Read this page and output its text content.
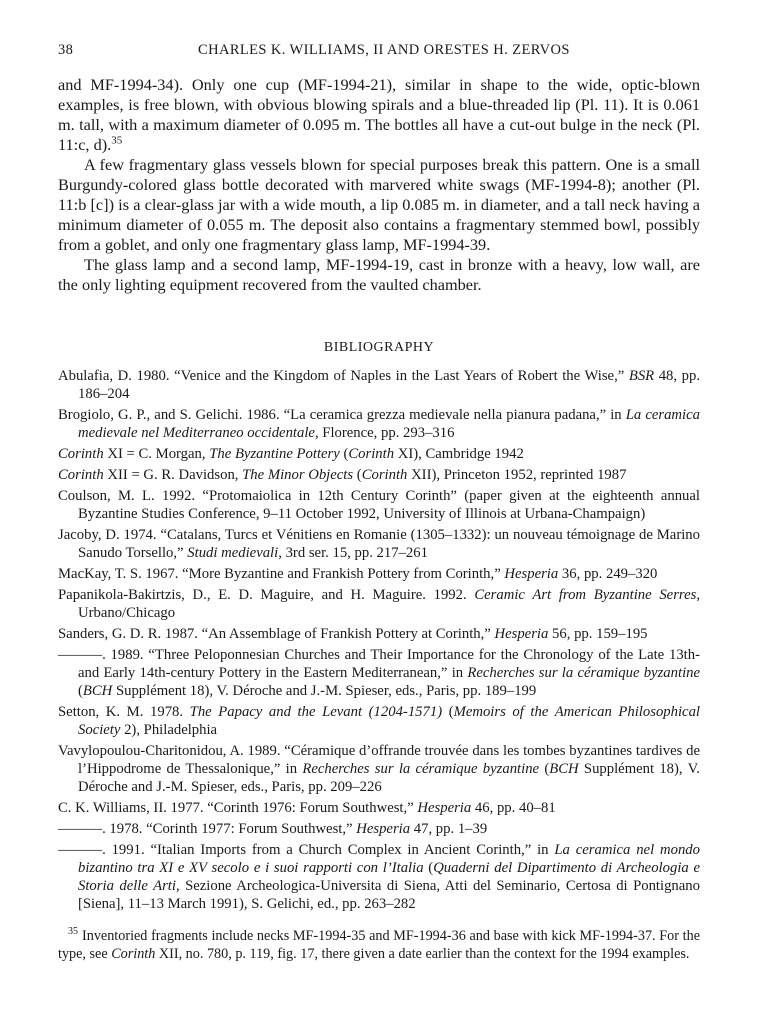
38	CHARLES K. WILLIAMS, II AND ORESTES H. ZERVOS

and MF-1994-34). Only one cup (MF-1994-21), similar in shape to the wide, optic-blown examples, is free blown, with obvious blowing spirals and a blue-threaded lip (Pl. 11). It is 0.061 m. tall, with a maximum diameter of 0.095 m. The bottles all have a cut-out bulge in the neck (Pl. 11:c, d).$^{35}$

A few fragmentary glass vessels blown for special purposes break this pattern. One is a small Burgundy-colored glass bottle decorated with marvered white swags (MF-1994-8); another (Pl. 11:b [c]) is a clear-glass jar with a wide mouth, a lip 0.085 m. in diameter, and a tall neck having a minimum diameter of 0.055 m. The deposit also contains a fragmentary stemmed bowl, possibly from a goblet, and only one fragmentary glass lamp, MF-1994-39.

The glass lamp and a second lamp, MF-1994-19, cast in bronze with a heavy, low wall, are the only lighting equipment recovered from the vaulted chamber.

BIBLIOGRAPHY
Abulafia, D. 1980. “Venice and the Kingdom of Naples in the Last Years of Robert the Wise,” BSR 48, pp. 186–204
Brogiolo, G. P., and S. Gelichi. 1986. “La ceramica grezza medievale nella pianura padana,” in La ceramica medievale nel Mediterraneo occidentale, Florence, pp. 293–316
Corinth XI = C. Morgan, The Byzantine Pottery (Corinth XI), Cambridge 1942
Corinth XII = G. R. Davidson, The Minor Objects (Corinth XII), Princeton 1952, reprinted 1987
Coulson, M. L. 1992. “Protomaiolica in 12th Century Corinth” (paper given at the eighteenth annual Byzantine Studies Conference, 9–11 October 1992, University of Illinois at Urbana-Champaign)
Jacoby, D. 1974. “Catalans, Turcs et Vénitiens en Romanie (1305–1332): un nouveau témoignage de Marino Sanudo Torsello,” Studi medievali, 3rd ser. 15, pp. 217–261
MacKay, T. S. 1967. “More Byzantine and Frankish Pottery from Corinth,” Hesperia 36, pp. 249–320
Papanikola-Bakirtzis, D., E. D. Maguire, and H. Maguire. 1992. Ceramic Art from Byzantine Serres, Urbano/Chicago
Sanders, G. D. R. 1987. “An Assemblage of Frankish Pottery at Corinth,” Hesperia 56, pp. 159–195
———. 1989. “Three Peloponnesian Churches and Their Importance for the Chronology of the Late 13th- and Early 14th-century Pottery in the Eastern Mediterranean,” in Recherches sur la céramique byzantine (BCH Supplément 18), V. Déroche and J.-M. Spieser, eds., Paris, pp. 189–199
Setton, K. M. 1978. The Papacy and the Levant (1204-1571) (Memoirs of the American Philosophical Society 2), Philadelphia
Vavylopoulou-Charitonidou, A. 1989. “Céramique d’offrande trouvée dans les tombes byzantines tardives de l’Hippodrome de Thessalonique,” in Recherches sur la céramique byzantine (BCH Supplément 18), V. Déroche and J.-M. Spieser, eds., Paris, pp. 209–226
C. K. Williams, II. 1977. “Corinth 1976: Forum Southwest,” Hesperia 46, pp. 40–81
———. 1978. “Corinth 1977: Forum Southwest,” Hesperia 47, pp. 1–39
———. 1991. “Italian Imports from a Church Complex in Ancient Corinth,” in La ceramica nel mondo bizantino tra XI e XV secolo e i suoi rapporti con l’Italia (Quaderni del Dipartimento di Archeologia e Storia delle Arti, Sezione Archeologica-Universita di Siena, Atti del Seminario, Certosa di Pontignano [Siena], 11–13 March 1991), S. Gelichi, ed., pp. 263–282
$^{35}$ Inventoried fragments include necks MF-1994-35 and MF-1994-36 and base with kick MF-1994-37. For the type, see Corinth XII, no. 780, p. 119, fig. 17, there given a date earlier than the context for the 1994 examples.
